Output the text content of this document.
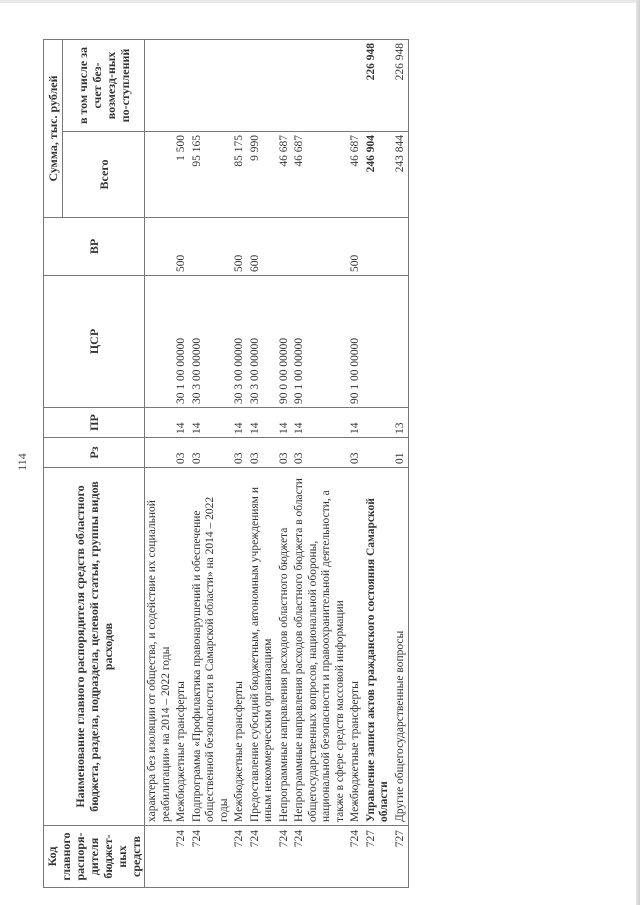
114
Код главного распоря-дителя бюджет-ных средств	Наименование главного распорядителя средств областного бюджета, раздела, подраздела, целевой статьи, группы видов расходов	Рз	ПР	ЦСР	ВР	Сумма, тыс. рублей	
						Всего	в том числе за счет без-возмезд-ных по-ступлений
	характера без изоляции от общества, и содействие их социальной реабилитации» на 2014 – 2022 годы						
724	Межбюджетные трансферты	03	14	30 1 00 00000	500	1 500	
724	Подпрограмма «Профилактика правонарушений и обеспечение общественной безопасности в Самарской области» на 2014 – 2022 годы	03	14	30 3 00 00000		95 165	
724	Межбюджетные трансферты	03	14	30 3 00 00000	500	85 175	
724	Предоставление субсидий бюджетным, автономным учреждениям и иным некоммерческим организациям	03	14	30 3 00 00000	600	9 990	
724	Непрограммные направления расходов областного бюджета	03	14	90 0 00 00000		46 687	
724	Непрограммные направления расходов областного бюджета в области общегосударственных вопросов, национальной обороны, национальной безопасности и правоохранительной деятельности, а также в сфере средств массовой информации	03	14	90 1 00 00000		46 687	
724	Межбюджетные трансферты	03	14	90 1 00 00000	500	46 687	
727	Управление записи актов гражданского состояния Самарской области					246 904	226 948
727	Другие общегосударственные вопросы	01	13			243 844	226 948
